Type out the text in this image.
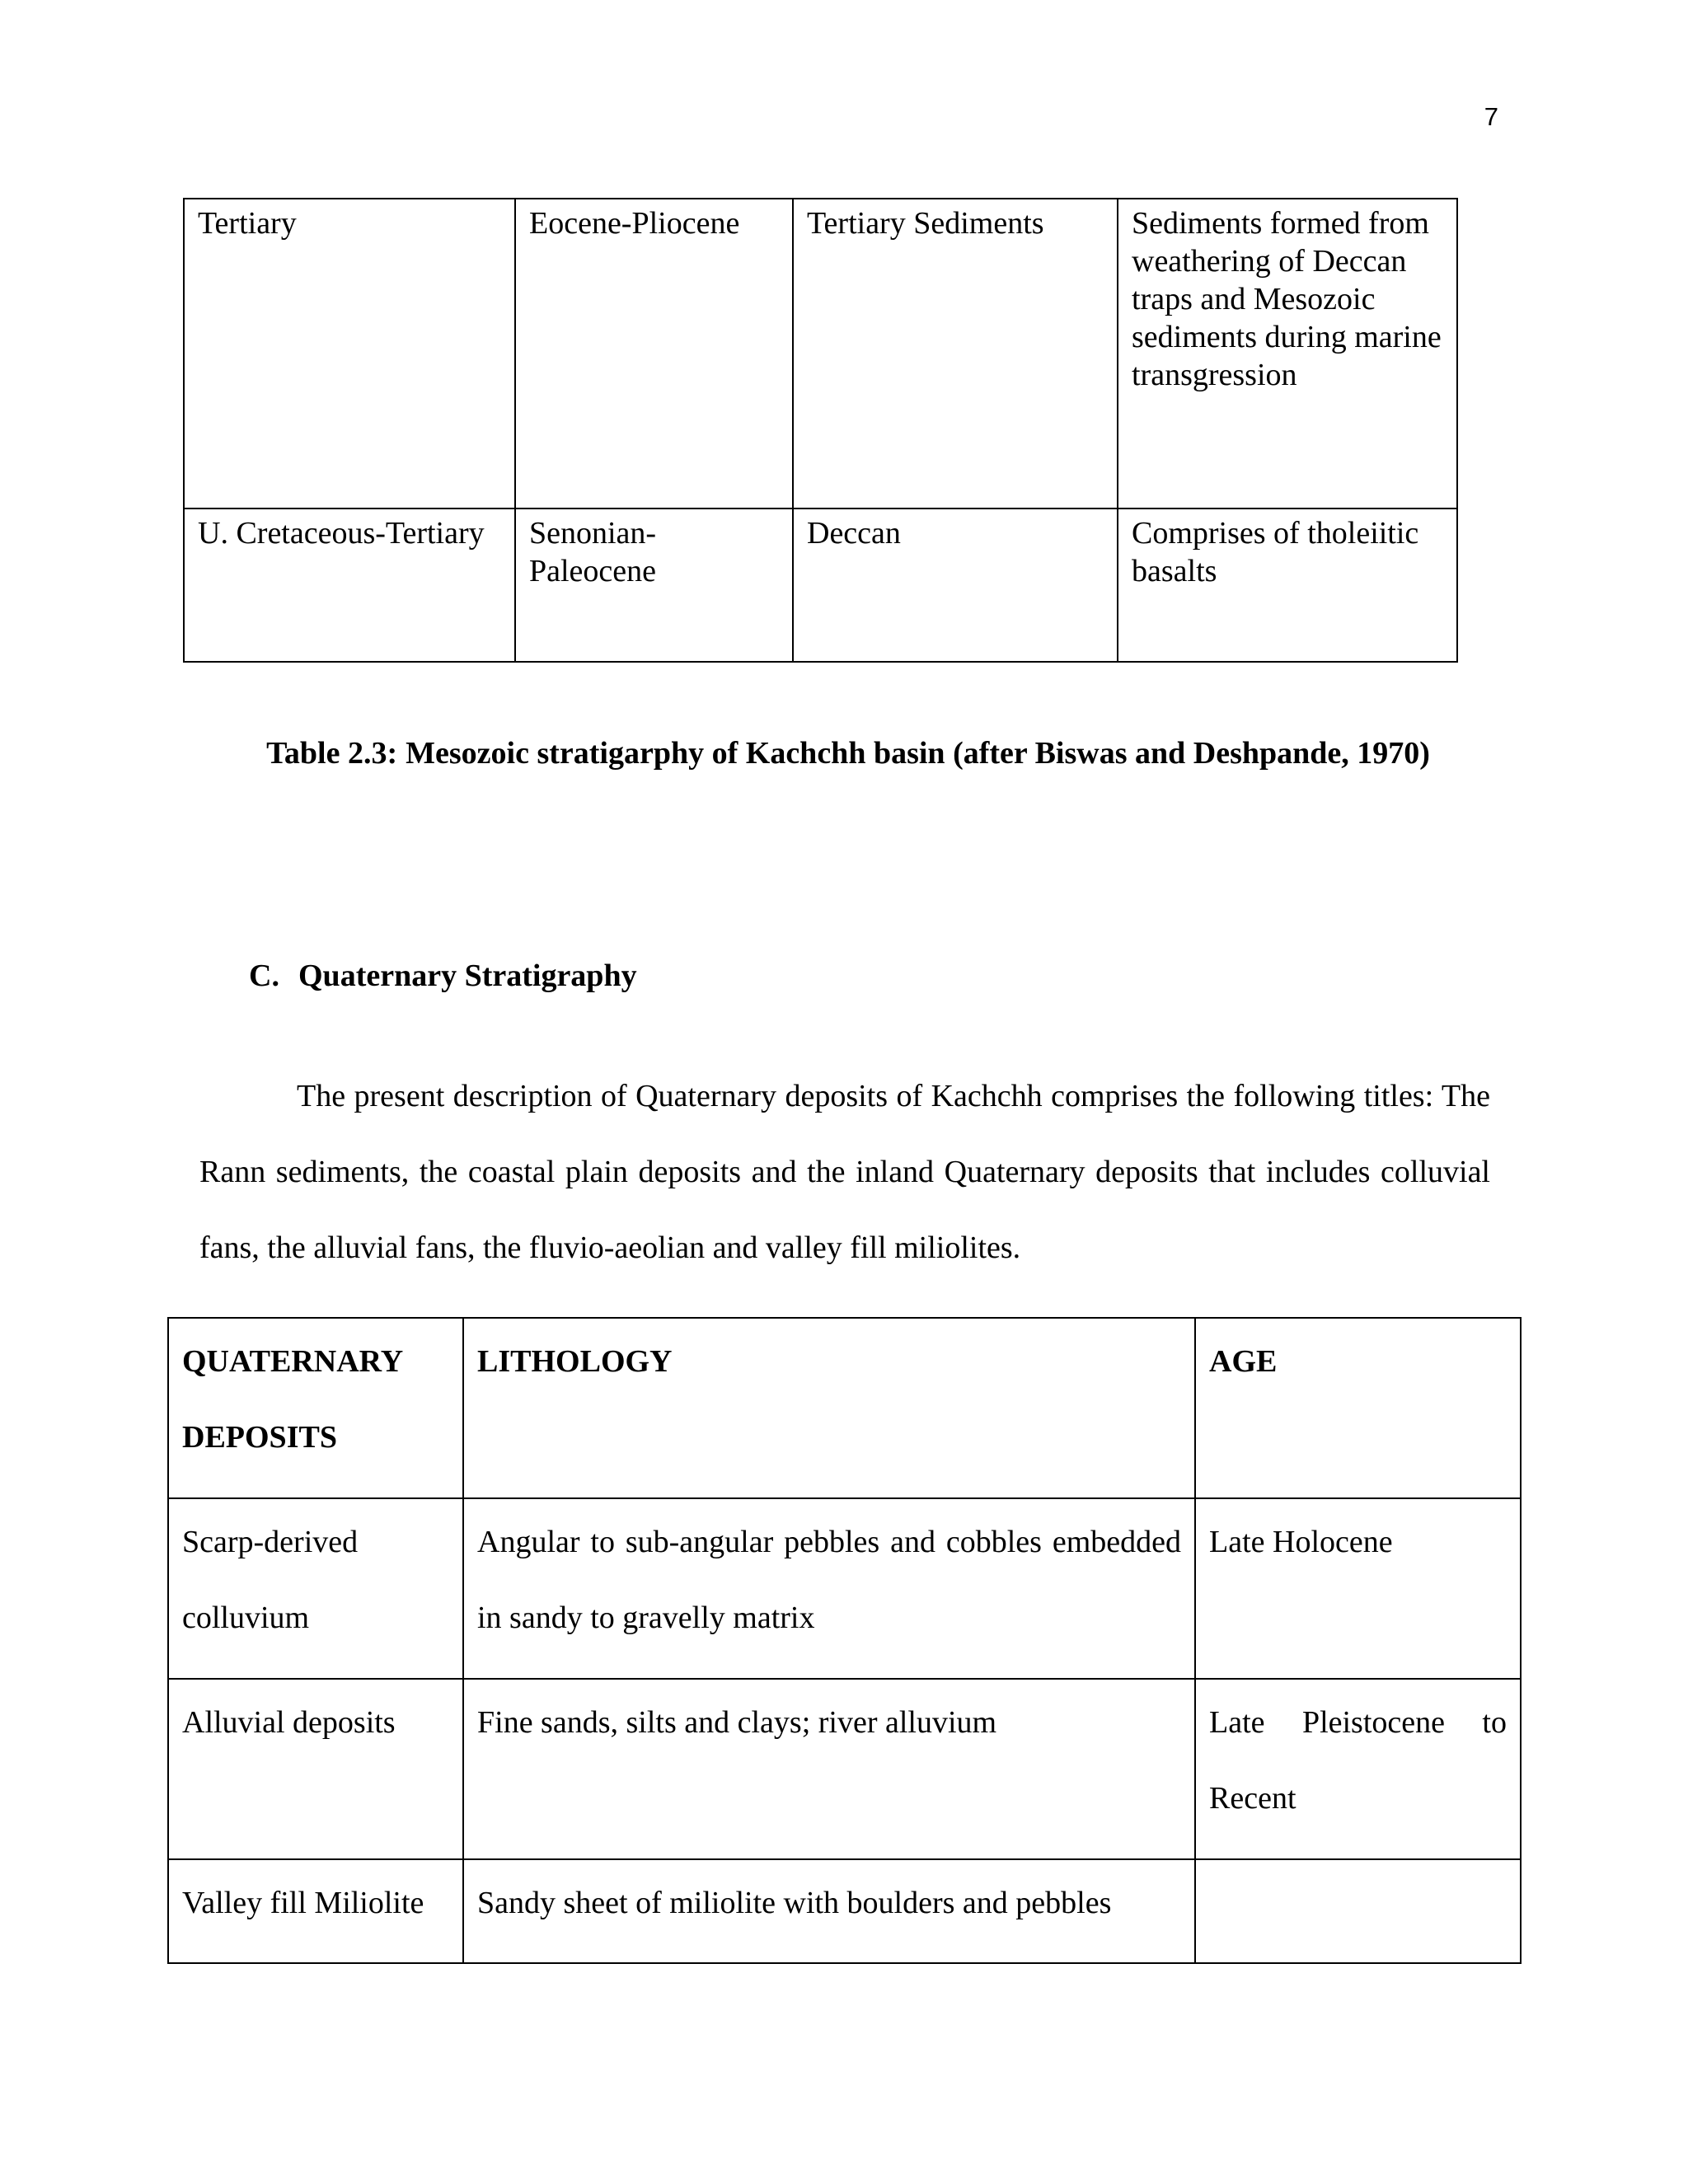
7
Tertiary	Eocene-Pliocene	Tertiary Sediments	Sediments formed from weathering of Deccan traps and Mesozoic sediments during marine transgression
U. Cretaceous-Tertiary	Senonian-Paleocene	Deccan	Comprises of tholeiitic basalts
Table 2.3: Mesozoic stratigarphy of Kachchh basin (after Biswas and Deshpande, 1970)
C. Quaternary Stratigraphy
The present description of Quaternary deposits of Kachchh comprises the following titles: The Rann sediments, the coastal plain deposits and the inland Quaternary deposits that includes colluvial fans, the alluvial fans, the fluvio-aeolian and valley fill miliolites.
QUATERNARY DEPOSITS	LITHOLOGY	AGE
Scarp-derived colluvium	Angular to sub-angular pebbles and cobbles embedded in sandy to gravelly matrix	Late Holocene
Alluvial deposits	Fine sands, silts and clays; river alluvium	Late Pleistocene to Recent
Valley fill Miliolite	Sandy sheet of miliolite with boulders and pebbles	
